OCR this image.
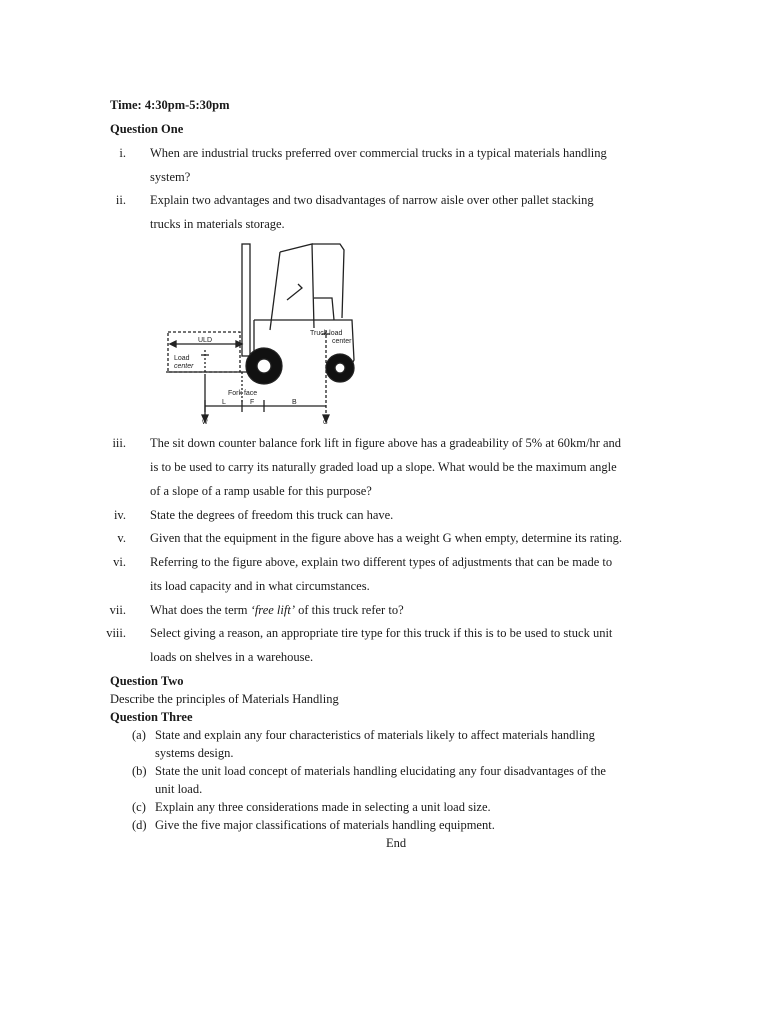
Time: 4:30pm-5:30pm
Question One
i. When are industrial trucks preferred over commercial trucks in a typical materials handling
system?
ii. Explain two advantages and two disadvantages of narrow aisle over other pallet stacking
trucks in materials storage.
ULD
Load
center
Truck load
center
Fork face
L	F	B
W	G
iii. The sit down counter balance fork lift in figure above has a gradeability of 5% at 60km/hr and
is to be used to carry its naturally graded load up a slope. What would be the maximum angle
of a slope of a ramp usable for this purpose?
iv. State the degrees of freedom this truck can have.
v. Given that the equipment in the figure above has a weight G when empty, determine its rating.
vi. Referring to the figure above, explain two different types of adjustments that can be made to
its load capacity and in what circumstances.
vii. What does the term ‘free lift’ of this truck refer to?
viii. Select giving a reason, an appropriate tire type for this truck if this is to be used to stuck unit
loads on shelves in a warehouse.
Question Two
Describe the principles of Materials Handling
Question Three
(a) State and explain any four characteristics of materials likely to affect materials handling
systems design.
(b) State the unit load concept of materials handling elucidating any four disadvantages of the
unit load.
(c) Explain any three considerations made in selecting a unit load size.
(d) Give the five major classifications of materials handling equipment.
End
